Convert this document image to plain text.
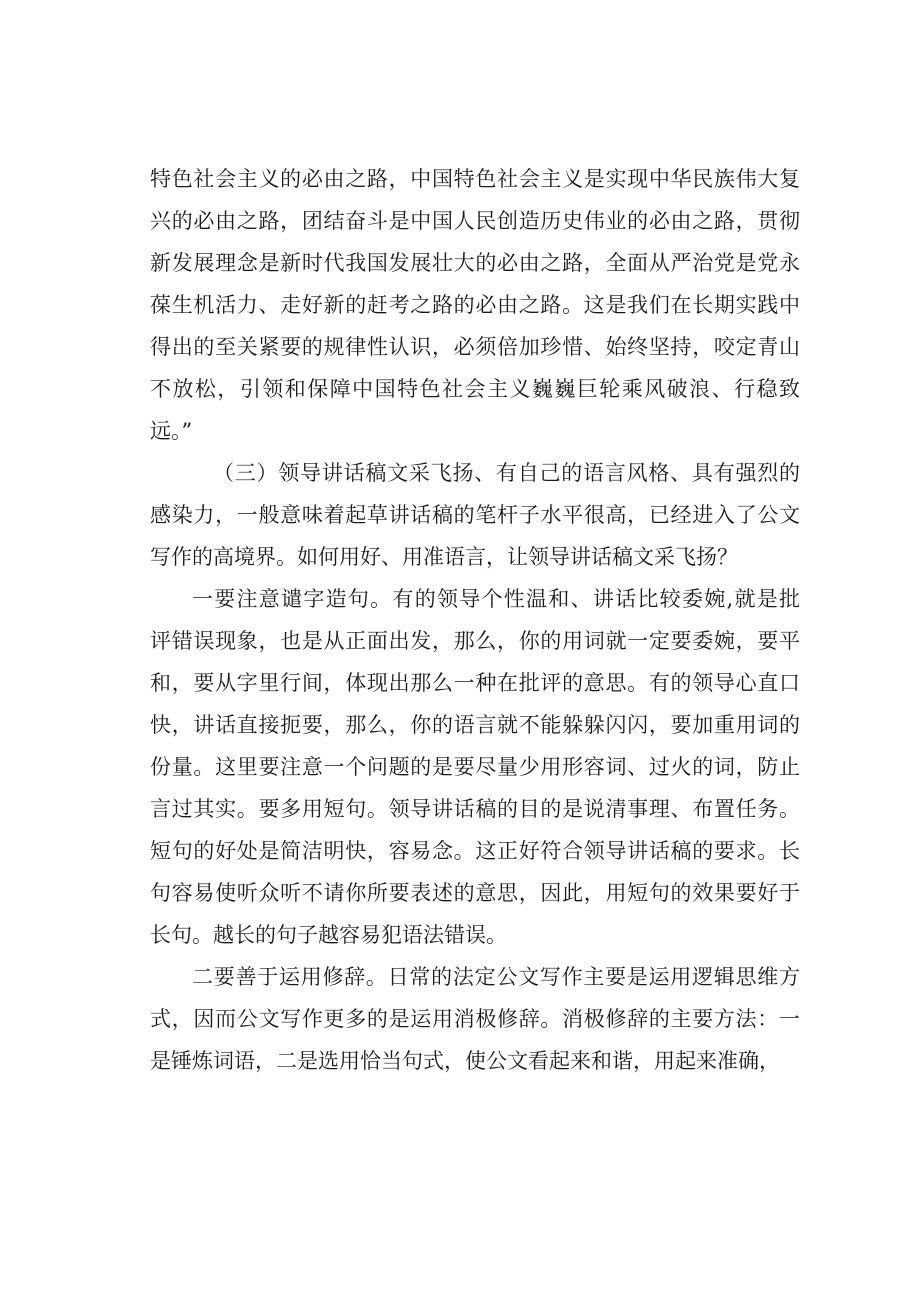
特色社会主义的必由之路，中国特色社会主义是实现中华民族伟大复
兴的必由之路，团结奋斗是中国人民创造历史伟业的必由之路，贯彻
新发展理念是新时代我国发展壮大的必由之路，全面从严治党是党永
葆生机活力、走好新的赶考之路的必由之路。这是我们在长期实践中
得出的至关紧要的规律性认识，必须倍加珍惜、始终坚持，咬定青山
不放松，引领和保障中国特色社会主义巍巍巨轮乘风破浪、行稳致
远。”
（三）领导讲话稿文采飞扬、有自己的语言风格、具有强烈的
感染力，一般意味着起草讲话稿的笔杆子水平很高，已经进入了公文
写作的高境界。如何用好、用准语言，让领导讲话稿文采飞扬？
一要注意谴字造句。有的领导个性温和、讲话比较委婉,就是批
评错误现象，也是从正面出发，那么，你的用词就一定要委婉，要平
和，要从字里行间，体现出那么一种在批评的意思。有的领导心直口
快，讲话直接扼要，那么，你的语言就不能躲躲闪闪，要加重用词的
份量。这里要注意一个问题的是要尽量少用形容词、过火的词，防止
言过其实。要多用短句。领导讲话稿的目的是说清事理、布置任务。
短句的好处是简洁明快，容易念。这正好符合领导讲话稿的要求。长
句容易使听众听不请你所要表述的意思，因此，用短句的效果要好于
长句。越长的句子越容易犯语法错误。
二要善于运用修辞。日常的法定公文写作主要是运用逻辑思维方
式，因而公文写作更多的是运用消极修辞。消极修辞的主要方法：一
是锤炼词语，二是选用恰当句式，使公文看起来和谐，用起来准确，
